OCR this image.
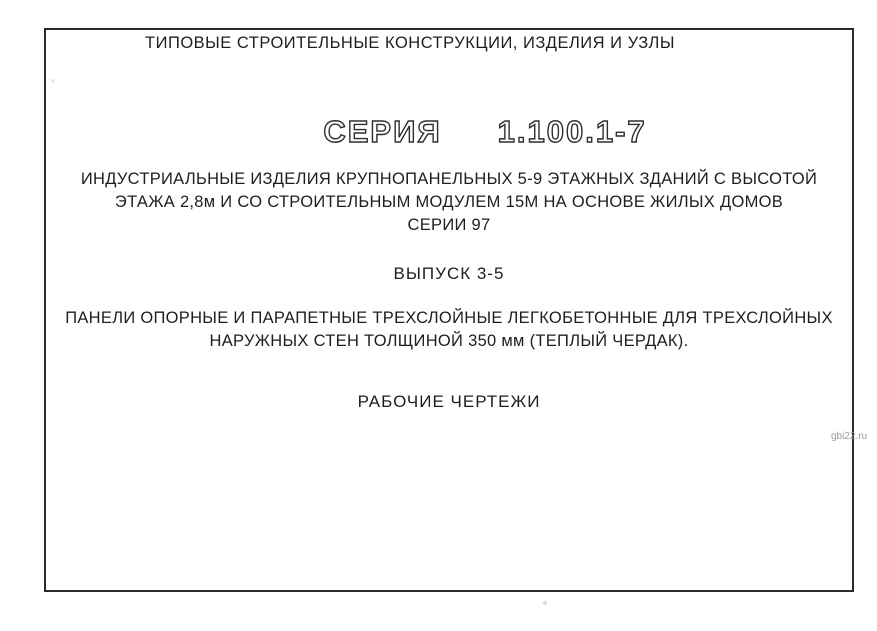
ТИПОВЫЕ СТРОИТЕЛЬНЫЕ КОНСТРУКЦИИ, ИЗДЕЛИЯ И УЗЛЫ
СЕРИЯ 1.100.1-7
ИНДУСТРИАЛЬНЫЕ ИЗДЕЛИЯ КРУПНОПАНЕЛЬНЫХ 5-9 ЭТАЖНЫХ ЗДАНИЙ С ВЫСОТОЙ
ЭТАЖА 2,8м И СО СТРОИТЕЛЬНЫМ МОДУЛЕМ 15М НА ОСНОВЕ ЖИЛЫХ ДОМОВ
СЕРИИ 97
ВЫПУСК 3-5
ПАНЕЛИ ОПОРНЫЕ И ПАРАПЕТНЫЕ ТРЕХСЛОЙНЫЕ ЛЕГКОБЕТОННЫЕ ДЛЯ ТРЕХСЛОЙНЫХ
НАРУЖНЫХ СТЕН ТОЛЩИНОЙ 350 мм (ТЕПЛЫЙ ЧЕРДАК).
РАБОЧИЕ ЧЕРТЕЖИ
gbi22.ru
